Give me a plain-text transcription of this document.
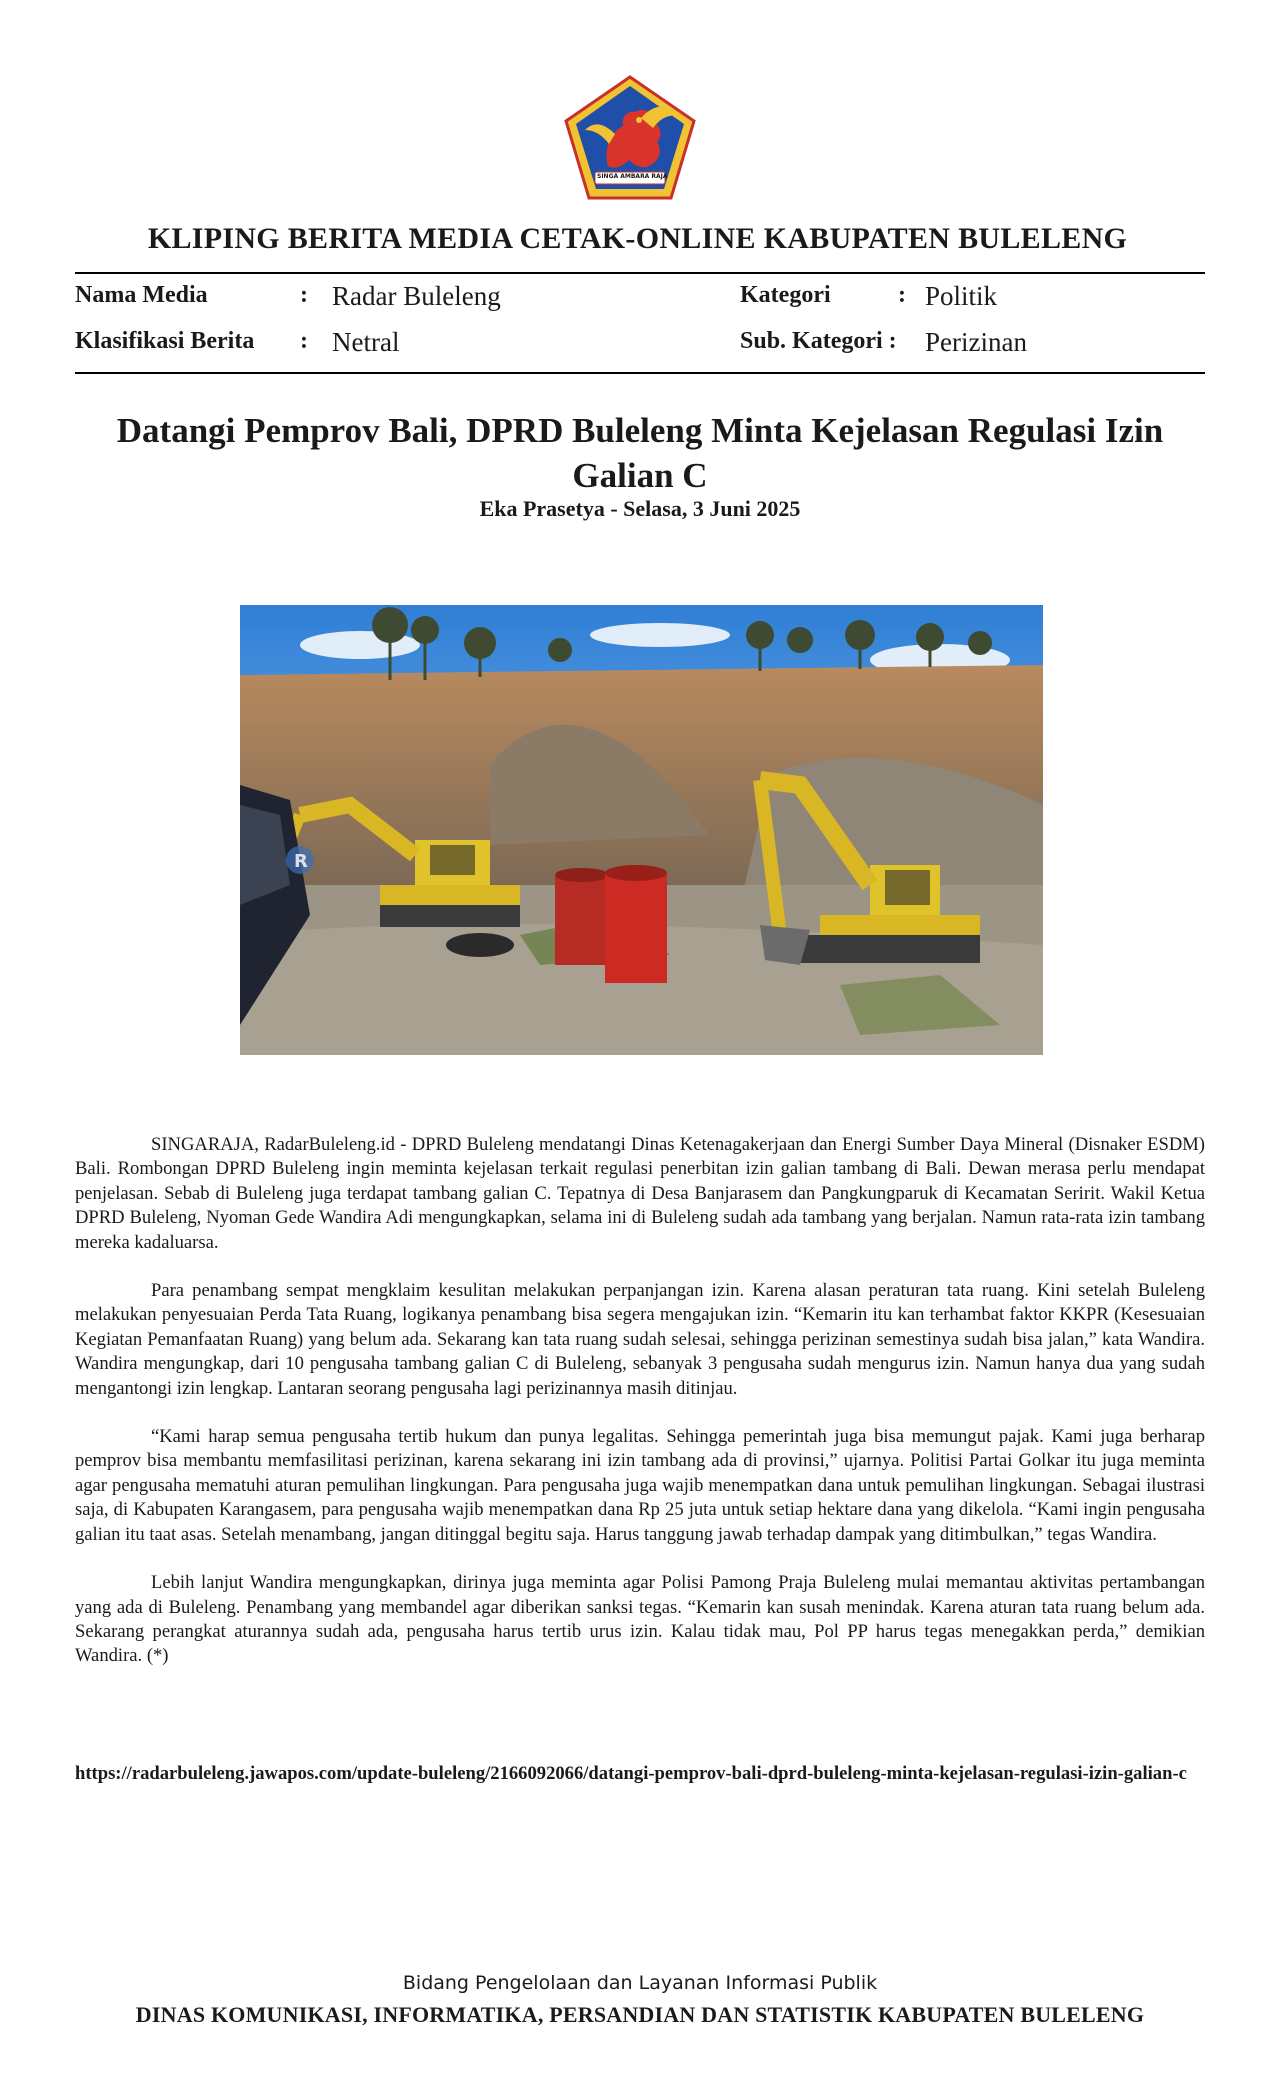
SINGA AMBARA RAJA
KLIPING BERITA MEDIA CETAK-ONLINE KABUPATEN BULELENG
Nama Media	: Radar Buleleng	Kategori	: Politik
Klasifikasi Berita : Netral	Sub. Kategori : Perizinan
Datangi Pemprov Bali, DPRD Buleleng Minta Kejelasan Regulasi Izin Galian C
Eka Prasetya - Selasa, 3 Juni 2025
R

SINGARAJA, RadarBuleleng.id - DPRD Buleleng mendatangi Dinas Ketenagakerjaan dan Energi Sumber Daya Mineral (Disnaker ESDM) Bali. Rombongan DPRD Buleleng ingin meminta kejelasan terkait regulasi penerbitan izin galian tambang di Bali. Dewan merasa perlu mendapat penjelasan. Sebab di Buleleng juga terdapat tambang galian C. Tepatnya di Desa Banjarasem dan Pangkungparuk di Kecamatan Seririt. Wakil Ketua DPRD Buleleng, Nyoman Gede Wandira Adi mengungkapkan, selama ini di Buleleng sudah ada tambang yang berjalan. Namun rata-rata izin tambang mereka kadaluarsa.

Para penambang sempat mengklaim kesulitan melakukan perpanjangan izin. Karena alasan peraturan tata ruang. Kini setelah Buleleng melakukan penyesuaian Perda Tata Ruang, logikanya penambang bisa segera mengajukan izin. “Kemarin itu kan terhambat faktor KKPR (Kesesuaian Kegiatan Pemanfaatan Ruang) yang belum ada. Sekarang kan tata ruang sudah selesai, sehingga perizinan semestinya sudah bisa jalan,” kata Wandira. Wandira mengungkap, dari 10 pengusaha tambang galian C di Buleleng, sebanyak 3 pengusaha sudah mengurus izin. Namun hanya dua yang sudah mengantongi izin lengkap. Lantaran seorang pengusaha lagi perizinannya masih ditinjau.

“Kami harap semua pengusaha tertib hukum dan punya legalitas. Sehingga pemerintah juga bisa memungut pajak. Kami juga berharap pemprov bisa membantu memfasilitasi perizinan, karena sekarang ini izin tambang ada di provinsi,” ujarnya. Politisi Partai Golkar itu juga meminta agar pengusaha mematuhi aturan pemulihan lingkungan. Para pengusaha juga wajib menempatkan dana untuk pemulihan lingkungan. Sebagai ilustrasi saja, di Kabupaten Karangasem, para pengusaha wajib menempatkan dana Rp 25 juta untuk setiap hektare dana yang dikelola. “Kami ingin pengusaha galian itu taat asas. Setelah menambang, jangan ditinggal begitu saja. Harus tanggung jawab terhadap dampak yang ditimbulkan,” tegas Wandira.

Lebih lanjut Wandira mengungkapkan, dirinya juga meminta agar Polisi Pamong Praja Buleleng mulai memantau aktivitas pertambangan yang ada di Buleleng. Penambang yang membandel agar diberikan sanksi tegas. “Kemarin kan susah menindak. Karena aturan tata ruang belum ada. Sekarang perangkat aturannya sudah ada, pengusaha harus tertib urus izin. Kalau tidak mau, Pol PP harus tegas menegakkan perda,” demikian Wandira. (*)

https://radarbuleleng.jawapos.com/update-buleleng/2166092066/datangi-pemprov-bali-dprd-buleleng-minta-kejelasan-regulasi-izin-galian-c
Bidang Pengelolaan dan Layanan Informasi Publik
DINAS KOMUNIKASI, INFORMATIKA, PERSANDIAN DAN STATISTIK KABUPATEN BULELENG
